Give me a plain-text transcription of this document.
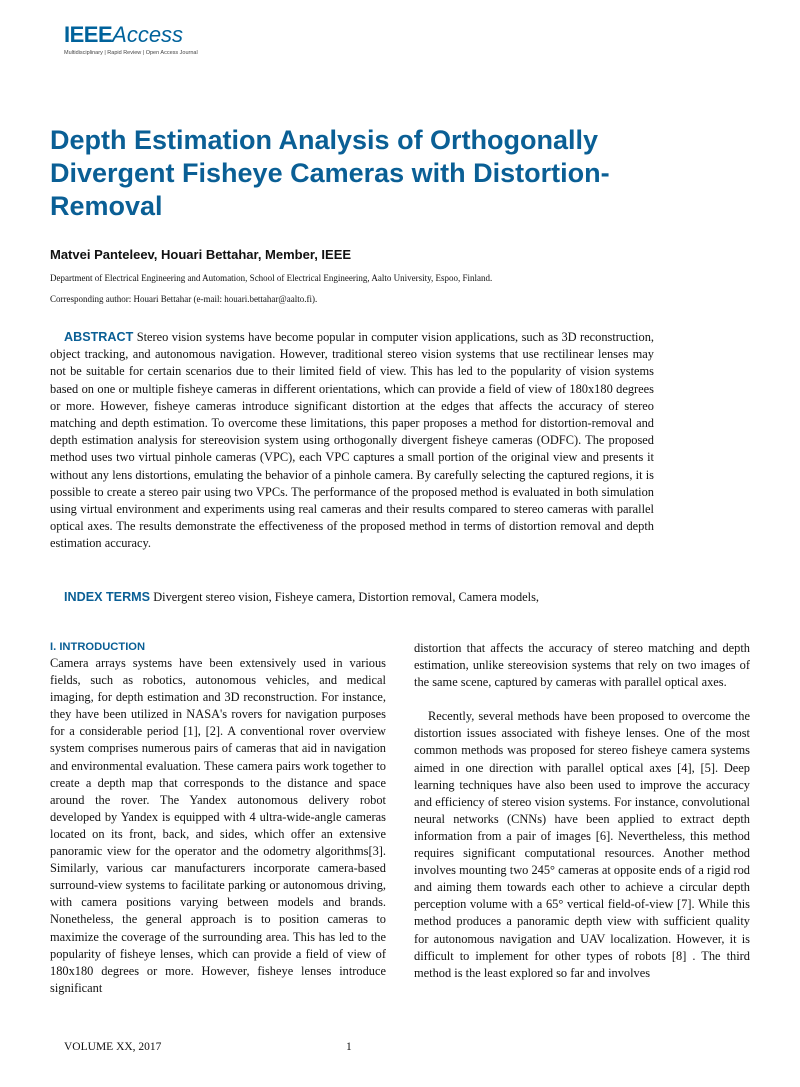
IEEEAccess
Multidisciplinary | Rapid Review | Open Access Journal
Depth Estimation Analysis of Orthogonally Divergent Fisheye Cameras with Distortion-Removal
Matvei Panteleev, Houari Bettahar, Member, IEEE
Department of Electrical Engineering and Automation, School of Electrical Engineering, Aalto University, Espoo, Finland.
Corresponding author: Houari Bettahar (e-mail: houari.bettahar@aalto.fi).

ABSTRACT Stereo vision systems have become popular in computer vision applications, such as 3D reconstruction, object tracking, and autonomous navigation. However, traditional stereo vision systems that use rectilinear lenses may not be suitable for certain scenarios due to their limited field of view. This has led to the popularity of vision systems based on one or multiple fisheye cameras in different orientations, which can provide a field of view of 180x180 degrees or more. However, fisheye cameras introduce significant distortion at the edges that affects the accuracy of stereo matching and depth estimation. To overcome these limitations, this paper proposes a method for distortion-removal and depth estimation analysis for stereovision system using orthogonally divergent fisheye cameras (ODFC). The proposed method uses two virtual pinhole cameras (VPC), each VPC captures a small portion of the original view and presents it without any lens distortions, emulating the behavior of a pinhole camera. By carefully selecting the captured regions, it is possible to create a stereo pair using two VPCs. The performance of the proposed method is evaluated in both simulation using virtual environment and experiments using real cameras and their results compared to stereo cameras with parallel optical axes. The results demonstrate the effectiveness of the proposed method in terms of distortion removal and depth estimation accuracy.

INDEX TERMS Divergent stereo vision, Fisheye camera, Distortion removal, Camera models,
I. INTRODUCTION

Camera arrays systems have been extensively used in various fields, such as robotics, autonomous vehicles, and medical imaging, for depth estimation and 3D reconstruction. For instance, they have been utilized in NASA's rovers for navigation purposes for a considerable period [1], [2]. A conventional rover overview system comprises numerous pairs of cameras that aid in navigation and environmental evaluation. These camera pairs work together to create a depth map that corresponds to the distance and space around the rover. The Yandex autonomous delivery robot developed by Yandex is equipped with 4 ultra-wide-angle cameras located on its front, back, and sides, which offer an extensive panoramic view for the operator and the odometry algorithms[3]. Similarly, various car manufacturers incorporate camera-based surround-view systems to facilitate parking or autonomous driving, with camera positions varying between models and brands. Nonetheless, the general approach is to position cameras to maximize the coverage of the surrounding area. This has led to the popularity of fisheye lenses, which can provide a field of view of 180x180 degrees or more. However, fisheye lenses introduce significant

distortion that affects the accuracy of stereo matching and depth estimation, unlike stereovision systems that rely on two images of the same scene, captured by cameras with parallel optical axes.

Recently, several methods have been proposed to overcome the distortion issues associated with fisheye lenses. One of the most common methods was proposed for stereo fisheye camera systems aimed in one direction with parallel optical axes [4], [5]. Deep learning techniques have also been used to improve the accuracy and efficiency of stereo vision systems. For instance, convolutional neural networks (CNNs) have been applied to extract depth information from a pair of images [6]. Nevertheless, this method requires significant computational resources. Another method involves mounting two 245° cameras at opposite ends of a rigid rod and aiming them towards each other to achieve a circular depth perception volume with a 65° vertical field-of-view [7]. While this method produces a panoramic depth view with sufficient quality for autonomous navigation and UAV localization. However, it is difficult to implement for other types of robots [8] . The third method is the least explored so far and involves

VOLUME XX, 2017	1
